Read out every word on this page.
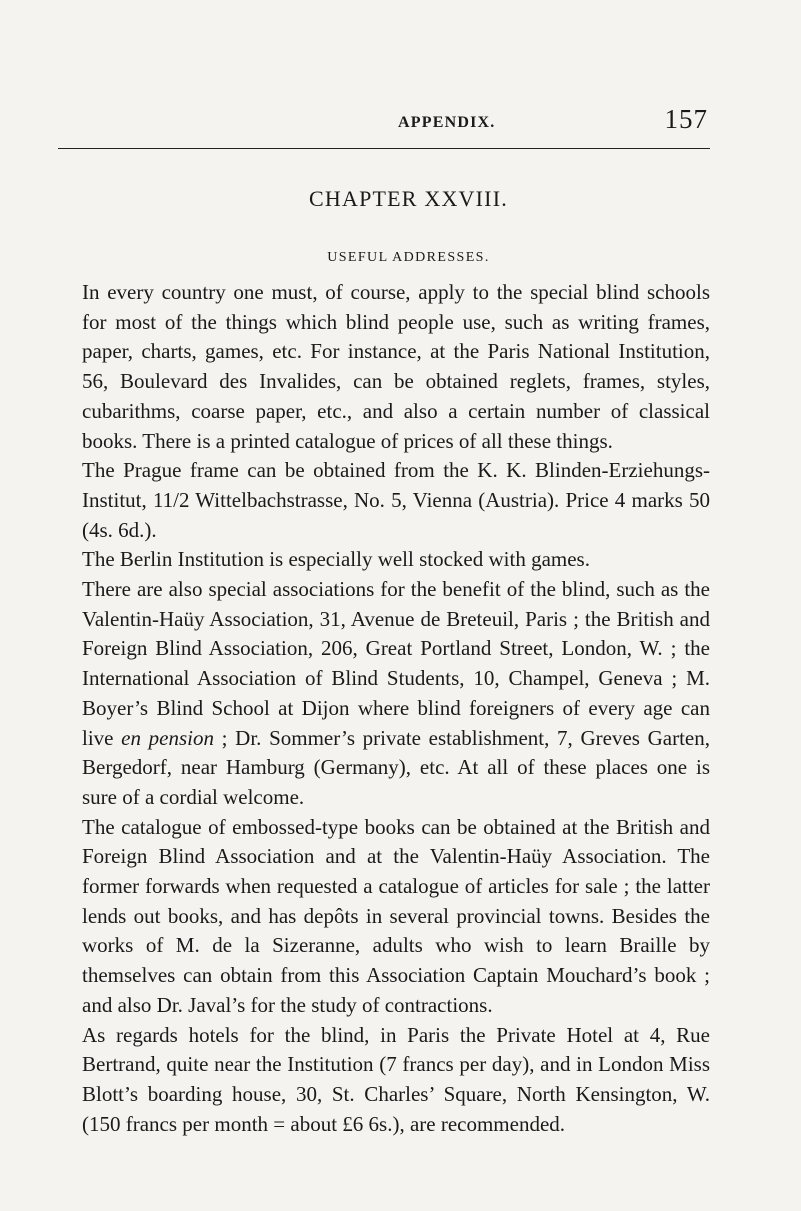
APPENDIX.	157
CHAPTER XXVIII.
USEFUL ADDRESSES.

In every country one must, of course, apply to the special blind schools for most of the things which blind people use, such as writing frames, paper, charts, games, etc. For instance, at the Paris National Institution, 56, Boulevard des Invalides, can be obtained reglets, frames, styles, cubarithms, coarse paper, etc., and also a certain number of classical books. There is a printed catalogue of prices of all these things.

The Prague frame can be obtained from the K. K. Blinden-Erziehungs-Institut, 11/2 Wittelbachstrasse, No. 5, Vienna (Austria). Price 4 marks 50 (4s. 6d.).

The Berlin Institution is especially well stocked with games.

There are also special associations for the benefit of the blind, such as the Valentin-Haüy Association, 31, Avenue de Breteuil, Paris ; the British and Foreign Blind Association, 206, Great Portland Street, London, W. ; the International Association of Blind Students, 10, Champel, Geneva ; M. Boyer’s Blind School at Dijon where blind foreigners of every age can live en pension ; Dr. Sommer’s private establishment, 7, Greves Garten, Bergedorf, near Hamburg (Germany), etc. At all of these places one is sure of a cordial welcome.

The catalogue of embossed-type books can be obtained at the British and Foreign Blind Association and at the Valentin-Haüy Association. The former forwards when requested a catalogue of articles for sale ; the latter lends out books, and has depôts in several provincial towns. Besides the works of M. de la Sizeranne, adults who wish to learn Braille by themselves can obtain from this Association Captain Mouchard’s book ; and also Dr. Javal’s for the study of contractions.

As regards hotels for the blind, in Paris the Private Hotel at 4, Rue Bertrand, quite near the Institution (7 francs per day), and in London Miss Blott’s boarding house, 30, St. Charles’ Square, North Kensington, W. (150 francs per month = about £6 6s.), are recommended.
